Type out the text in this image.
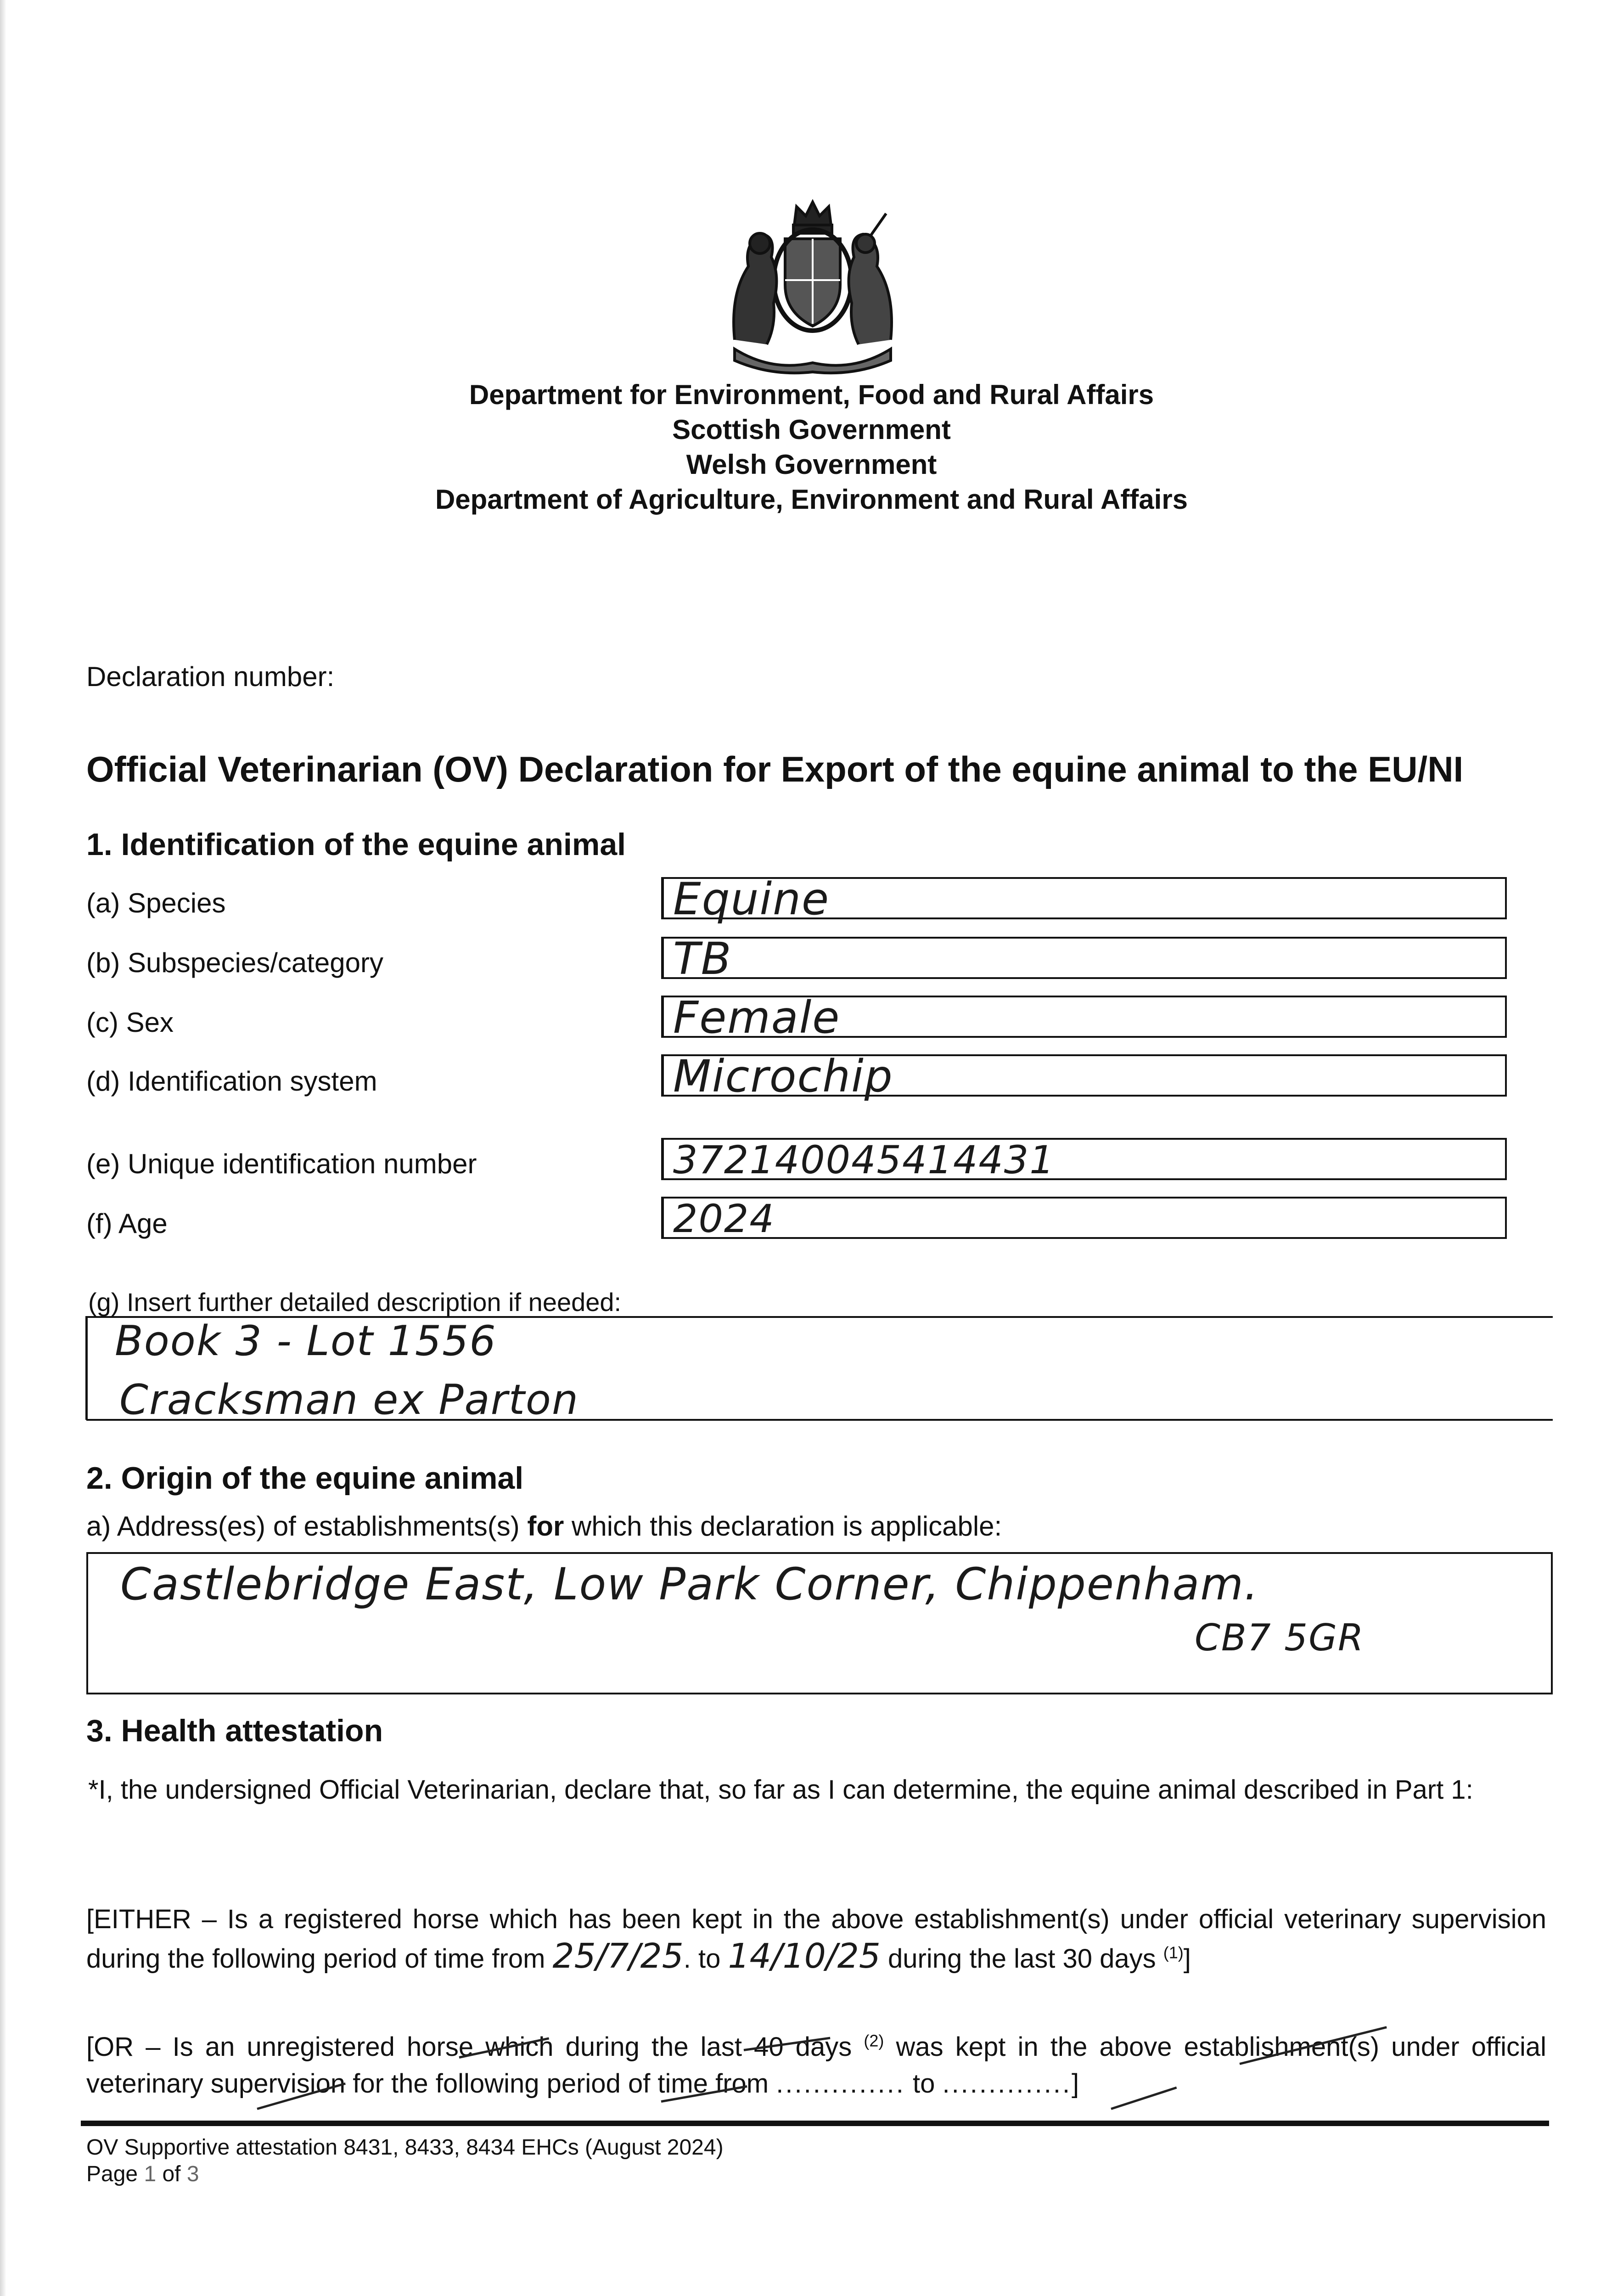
Department for Environment, Food and Rural Affairs
Scottish Government
Welsh Government
Department of Agriculture, Environment and Rural Affairs
Declaration number:
Official Veterinarian (OV) Declaration for Export of the equine animal to the EU/NI
1. Identification of the equine animal
(a) Species	Equine
(b) Subspecies/category	TB
(c) Sex	Female
(d) Identification system	Microchip
(e) Unique identification number	372140045414431
(f) Age	2024
(g) Insert further detailed description if needed:
Book 3 - Lot 1556
Cracksman ex Parton
2. Origin of the equine animal
a) Address(es) of establishments(s) for which this declaration is applicable:
Castlebridge East, Low Park Corner, Chippenham.
CB7 5GR
3. Health attestation

*I, the undersigned Official Veterinarian, declare that, so far as I can determine, the equine animal described in Part 1:

[EITHER – Is a registered horse which has been kept in the above establishment(s) under official veterinary supervision during the following period of time from 25/7/25. to 14/10/25 during the last 30 days $^{(1)}$]

[OR – Is an unregistered horse which during the last 40 days $^{(2)}$ was kept in the above establishment(s) under official veterinary supervision for the following period of time from .............. to ..............]

OV Supportive attestation 8431, 8433, 8434 EHCs (August 2024)
Page 1 of 3
